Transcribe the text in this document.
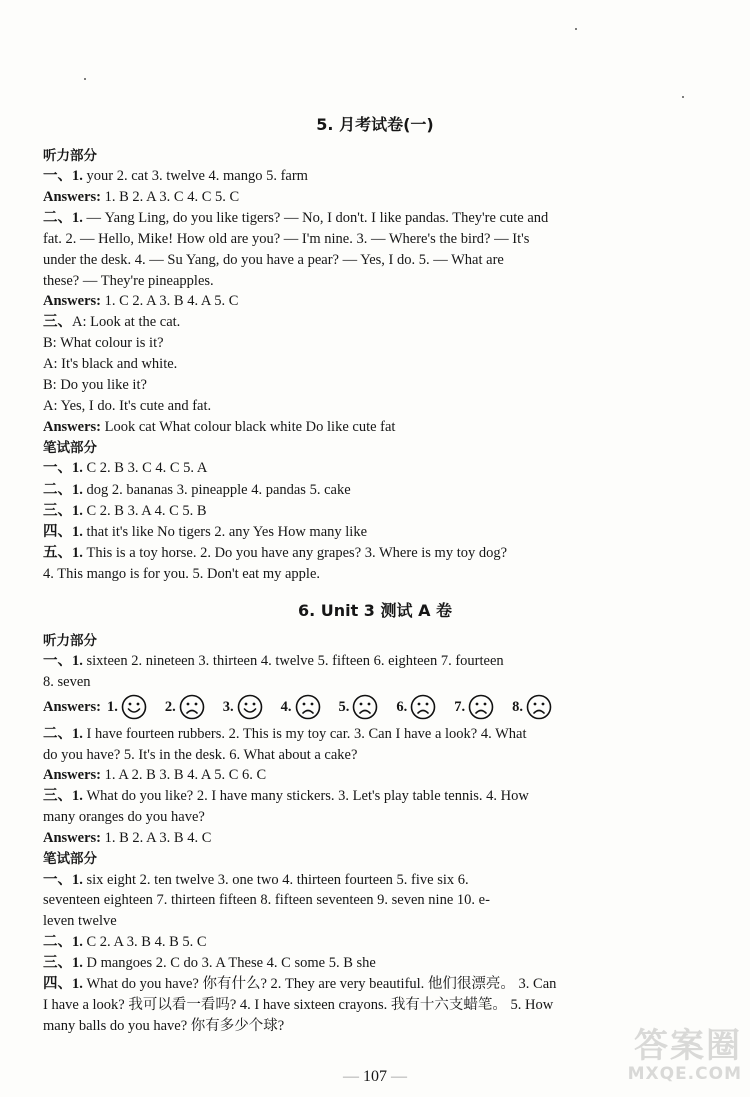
5. 月考试卷(一)
听力部分
一、1. your 2. cat 3. twelve 4. mango 5. farm
Answers: 1. B 2. A 3. C 4. C 5. C
二、1. — Yang Ling, do you like tigers? — No, I don't. I like pandas. They're cute and
fat. 2. — Hello, Mike! How old are you? — I'm nine. 3. — Where's the bird? — It's
under the desk. 4. — Su Yang, do you have a pear? — Yes, I do. 5. — What are
these? — They're pineapples.
Answers: 1. C 2. A 3. B 4. A 5. C
三、A: Look at the cat.
B: What colour is it?
A: It's black and white.
B: Do you like it?
A: Yes, I do. It's cute and fat.
Answers: Look cat What colour black white Do like cute fat
笔试部分
一、1. C 2. B 3. C 4. C 5. A
二、1. dog 2. bananas 3. pineapple 4. pandas 5. cake
三、1. C 2. B 3. A 4. C 5. B
四、1. that it's like No tigers 2. any Yes How many like
五、1. This is a toy horse. 2. Do you have any grapes? 3. Where is my toy dog?
4. This mango is for you. 5. Don't eat my apple.
6. Unit 3 测试 A 卷
听力部分
一、1. sixteen 2. nineteen 3. thirteen 4. twelve 5. fifteen 6. eighteen 7. fourteen
8. seven
Answers: 1.	2.	3.	4.	5.	6.	7.	8.
二、1. I have fourteen rubbers. 2. This is my toy car. 3. Can I have a look? 4. What
do you have? 5. It's in the desk. 6. What about a cake?
Answers: 1. A 2. B 3. B 4. A 5. C 6. C
三、1. What do you like? 2. I have many stickers. 3. Let's play table tennis. 4. How
many oranges do you have?
Answers: 1. B 2. A 3. B 4. C
笔试部分
一、1. six eight 2. ten twelve 3. one two 4. thirteen fourteen 5. five six 6.
seventeen eighteen 7. thirteen fifteen 8. fifteen seventeen 9. seven nine 10. e-
leven twelve
二、1. C 2. A 3. B 4. B 5. C
三、1. D mangoes 2. C do 3. A These 4. C some 5. B she
四、1. What do you have? 你有什么? 2. They are very beautiful. 他们很漂亮。 3. Can
I have a look? 我可以看一看吗? 4. I have sixteen crayons. 我有十六支蜡笔。 5. How
many balls do you have? 你有多少个球?
— 107 —
答案圈
MXQE.COM
